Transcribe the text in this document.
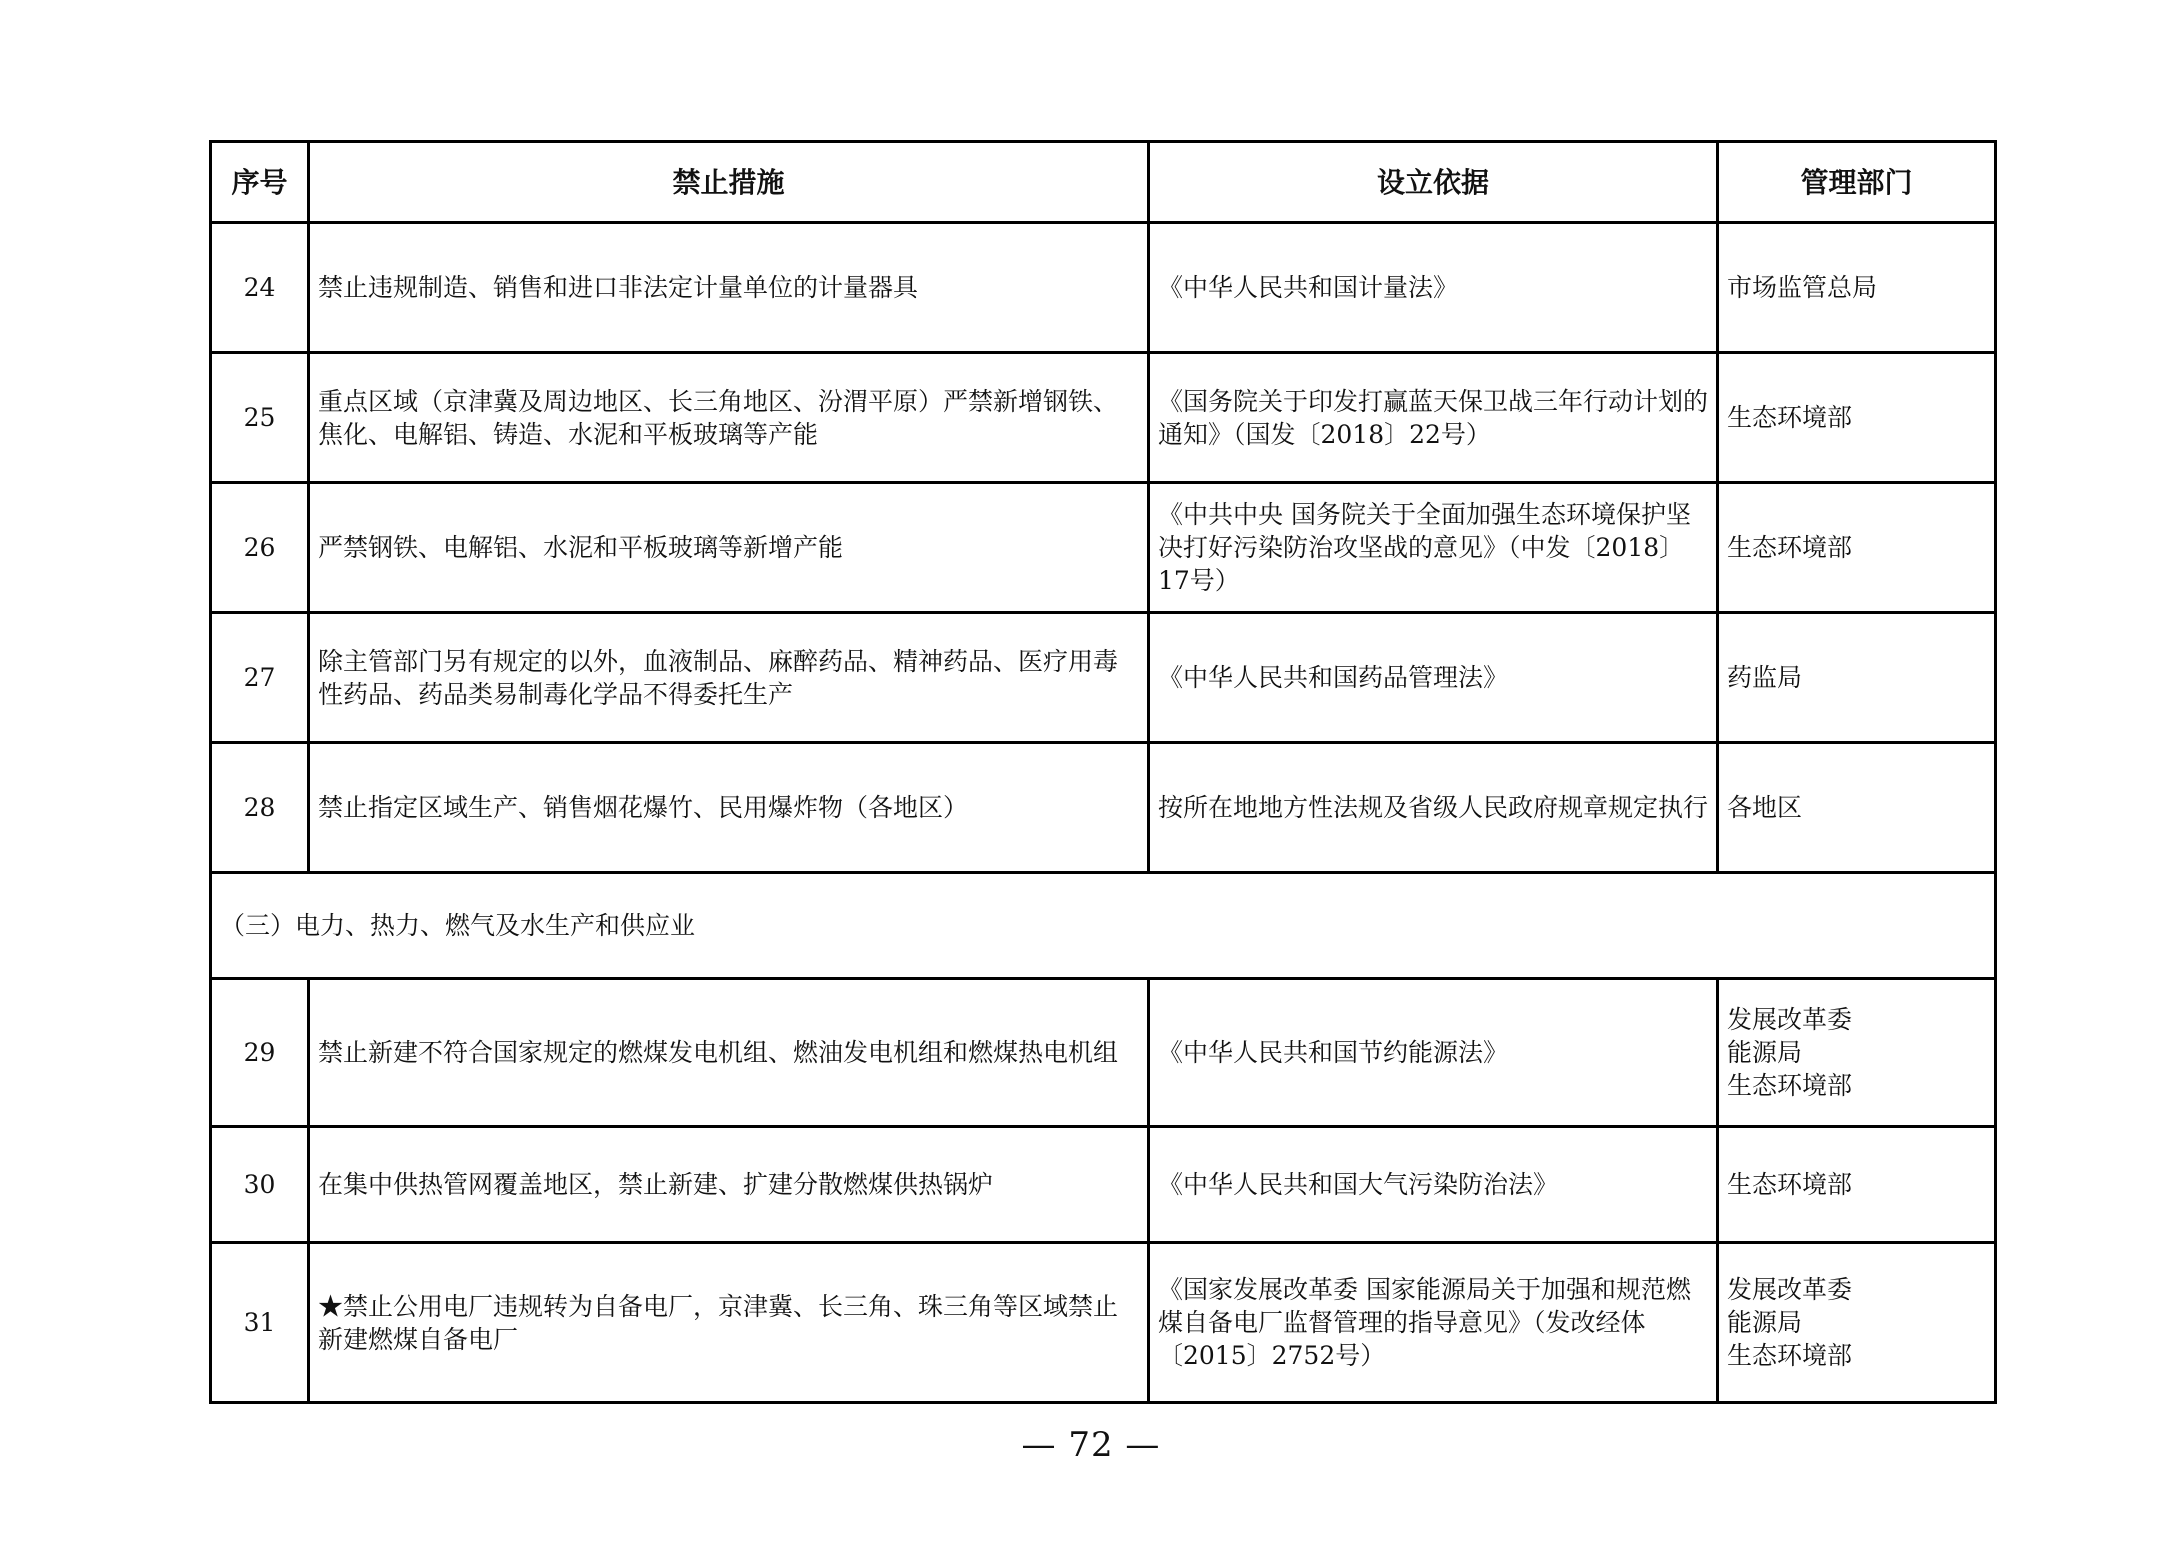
序号	禁止措施	设立依据	管理部门
24	禁止违规制造、销售和进口非法定计量单位的计量器具	《中华人民共和国计量法》	市场监管总局

25	重点区域（京津冀及周边地区、长三角地区、汾渭平原）严禁新增钢铁、焦化、电解铝、铸造、水泥和平板玻璃等产能	《国务院关于印发打赢蓝天保卫战三年行动计划的通知》（国发〔2018〕22号）	生态环境部

26	严禁钢铁、电解铝、水泥和平板玻璃等新增产能	《中共中央 国务院关于全面加强生态环境保护坚决打好污染防治攻坚战的意见》（中发〔2018〕17号）	生态环境部

27	除主管部门另有规定的以外，血液制品、麻醉药品、精神药品、医疗用毒性药品、药品类易制毒化学品不得委托生产	《中华人民共和国药品管理法》	药监局

28	禁止指定区域生产、销售烟花爆竹、民用爆炸物（各地区）	按所在地地方性法规及省级人民政府规章规定执行	各地区

（三）电力、热力、燃气及水生产和供应业			
29	禁止新建不符合国家规定的燃煤发电机组、燃油发电机组和燃煤热电机组	《中华人民共和国节约能源法》	发展改革委
能源局
生态环境部

30	在集中供热管网覆盖地区，禁止新建、扩建分散燃煤供热锅炉	《中华人民共和国大气污染防治法》	生态环境部

31	★禁止公用电厂违规转为自备电厂，京津冀、长三角、珠三角等区域禁止新建燃煤自备电厂	《国家发展改革委 国家能源局关于加强和规范燃煤自备电厂监督管理的指导意见》（发改经体〔2015〕2752号）	发展改革委
能源局
生态环境部
— 72 —
